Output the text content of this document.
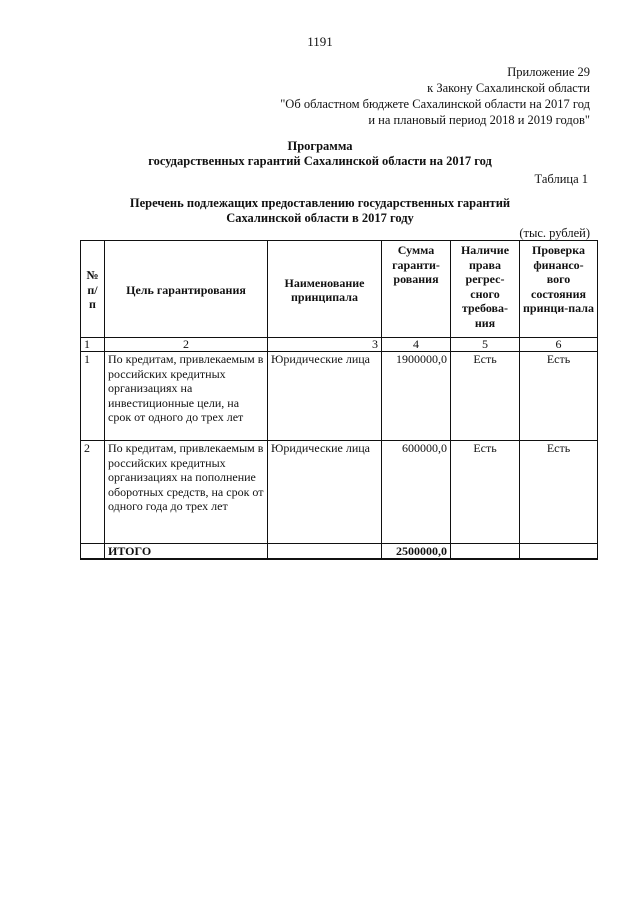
1191
Приложение 29
к Закону Сахалинской области
"Об областном бюджете Сахалинской области на 2017 год
и на плановый период 2018 и 2019 годов"
Программа
государственных гарантий Сахалинской области на 2017 год
Таблица 1
Перечень подлежащих предоставлению государственных гарантий
Сахалинской области в 2017 году
(тыс. рублей)
№ п/ п	Цель гарантирования	Наименование принципала	Сумма гаранти-рования	Наличие права регрес-сного требова-ния	Проверка финансо-вого состояния принци-пала
1	2	3	4	5	6
1	По кредитам, привлекаемым в российских кредитных организациях на инвестиционные цели, на срок от одного до трех лет	Юридические лица	1900000,0	Есть	Есть
2	По кредитам, привлекаемым в российских кредитных организациях на пополнение оборотных средств, на срок от одного года до трех лет	Юридические лица	600000,0	Есть	Есть
	ИТОГО		2500000,0		
